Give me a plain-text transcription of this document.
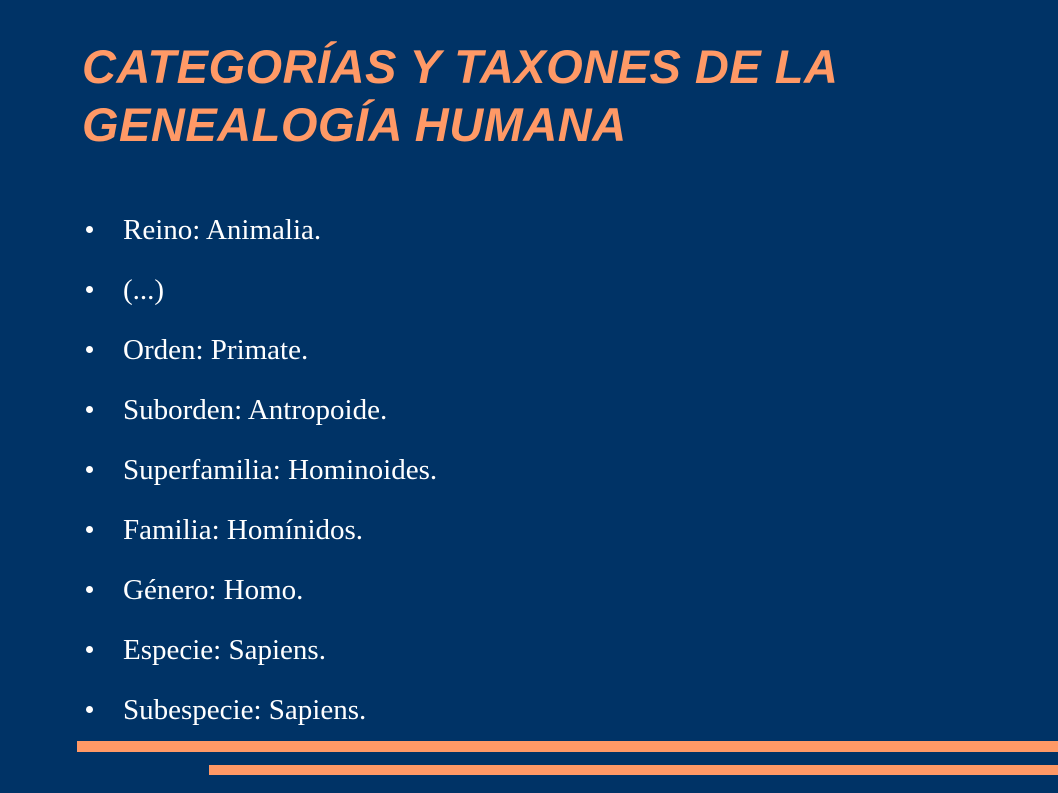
CATEGORÍAS Y TAXONES DE LA
GENEALOGÍA HUMANA
Reino: Animalia.
(...)
Orden: Primate.
Suborden: Antropoide.
Superfamilia: Hominoides.
Familia: Homínidos.
Género: Homo.
Especie: Sapiens.
Subespecie: Sapiens.
